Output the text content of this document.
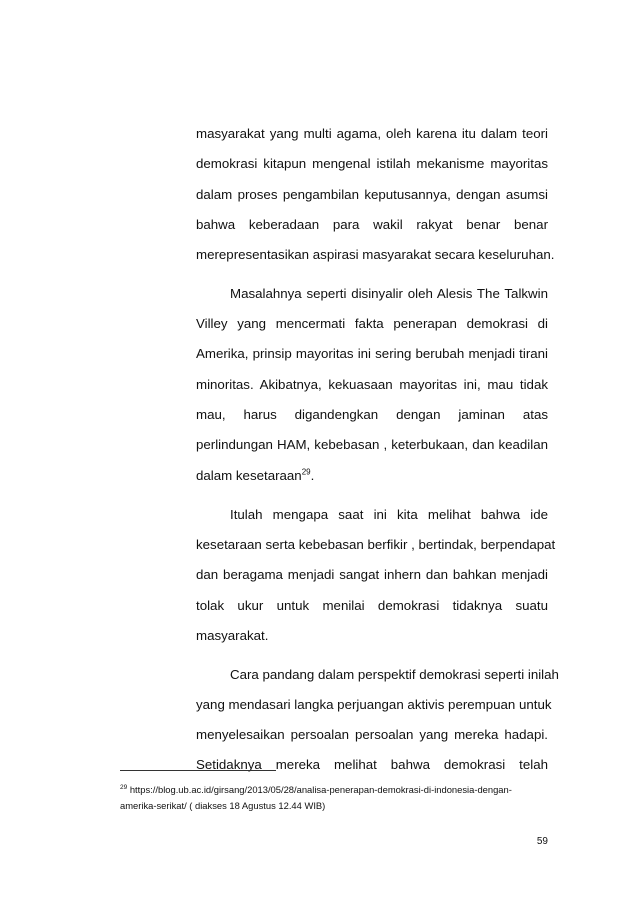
masyarakat yang multi agama, oleh karena itu dalam teori
demokrasi kitapun mengenal istilah mekanisme mayoritas
dalam proses pengambilan keputusannya, dengan asumsi
bahwa keberadaan para wakil rakyat benar benar
merepresentasikan aspirasi masyarakat secara keseluruhan.
Masalahnya seperti disinyalir oleh Alesis The Talkwin
Villey yang mencermati fakta penerapan demokrasi di
Amerika, prinsip mayoritas ini sering berubah menjadi tirani
minoritas. Akibatnya, kekuasaan mayoritas ini, mau tidak
mau, harus digandengkan dengan jaminan atas
perlindungan HAM, kebebasan , keterbukaan, dan keadilan
dalam kesetaraan$^{29}$.
Itulah mengapa saat ini kita melihat bahwa ide
kesetaraan serta kebebasan berfikir , bertindak, berpendapat
dan beragama menjadi sangat inhern dan bahkan menjadi
tolak ukur untuk menilai demokrasi tidaknya suatu
masyarakat.
Cara pandang dalam perspektif demokrasi seperti inilah
yang mendasari langka perjuangan aktivis perempuan untuk
menyelesaikan persoalan persoalan yang mereka hadapi.
Setidaknya mereka melihat bahwa demokrasi telah
$^{29}$ https://blog.ub.ac.id/girsang/2013/05/28/analisa-penerapan-demokrasi-di-indonesia-dengan-
amerika-serikat/ ( diakses 18 Agustus 12.44 WIB)
59
